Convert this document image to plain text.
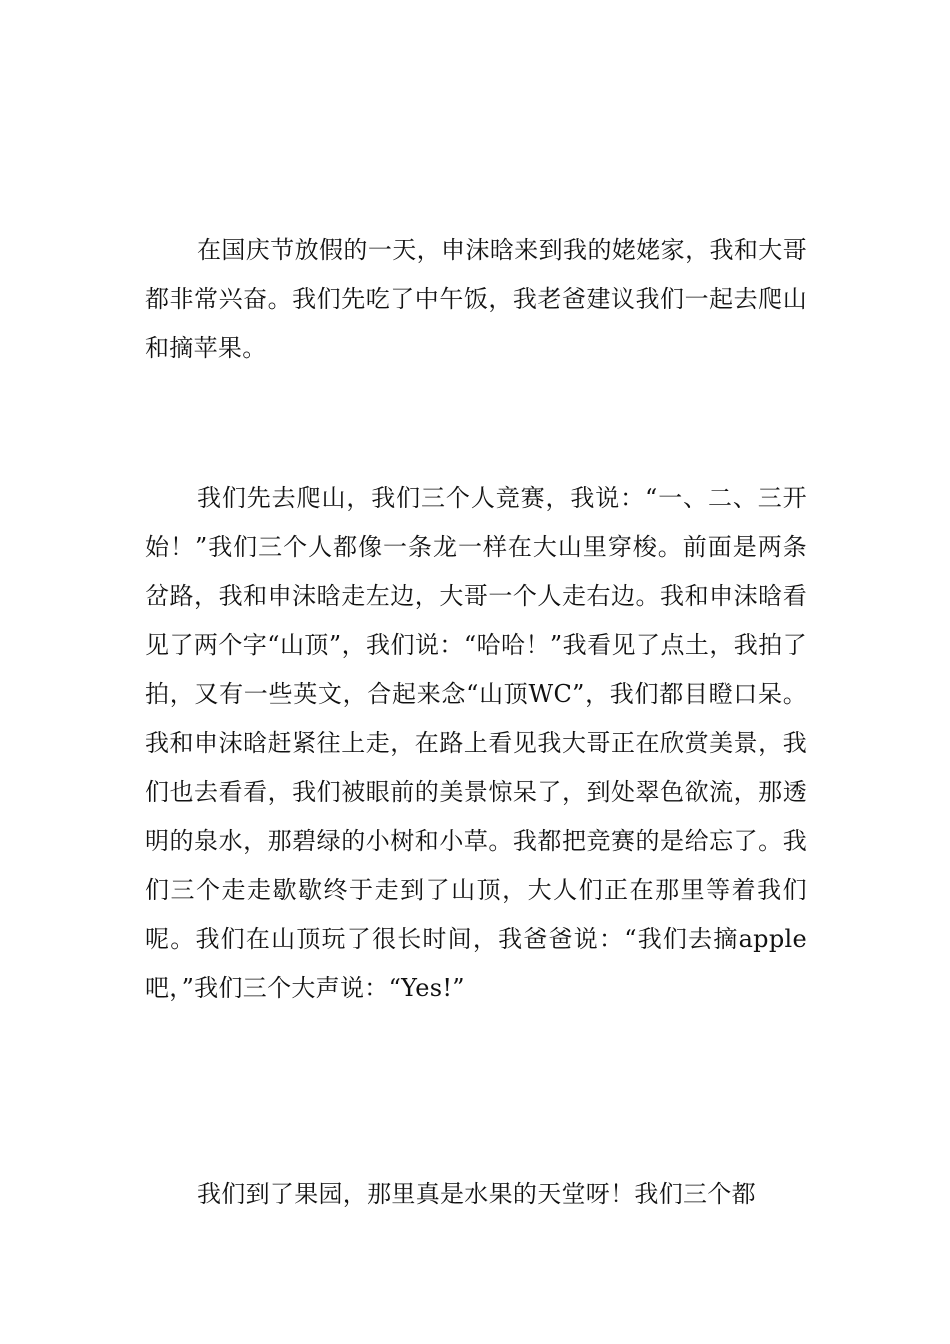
在国庆节放假的一天，申沫晗来到我的姥姥家，我和大哥都非常兴奋。我们先吃了中午饭，我老爸建议我们一起去爬山和摘苹果。

我们先去爬山，我们三个人竞赛，我说：“一、二、三开始！”我们三个人都像一条龙一样在大山里穿梭。前面是两条岔路，我和申沫晗走左边，大哥一个人走右边。我和申沫晗看见了两个字“山顶”，我们说：“哈哈！”我看见了点土，我拍了拍，又有一些英文，合起来念“山顶WC”，我们都目瞪口呆。我和申沫晗赶紧往上走，在路上看见我大哥正在欣赏美景，我们也去看看，我们被眼前的美景惊呆了，到处翠色欲流，那透明的泉水，那碧绿的小树和小草。我都把竞赛的是给忘了。我们三个走走歇歇终于走到了山顶，大人们正在那里等着我们呢。我们在山顶玩了很长时间，我爸爸说：“我们去摘apple吧，”我们三个大声说：“Yes!”

我们到了果园，那里真是水果的天堂呀！我们三个都
